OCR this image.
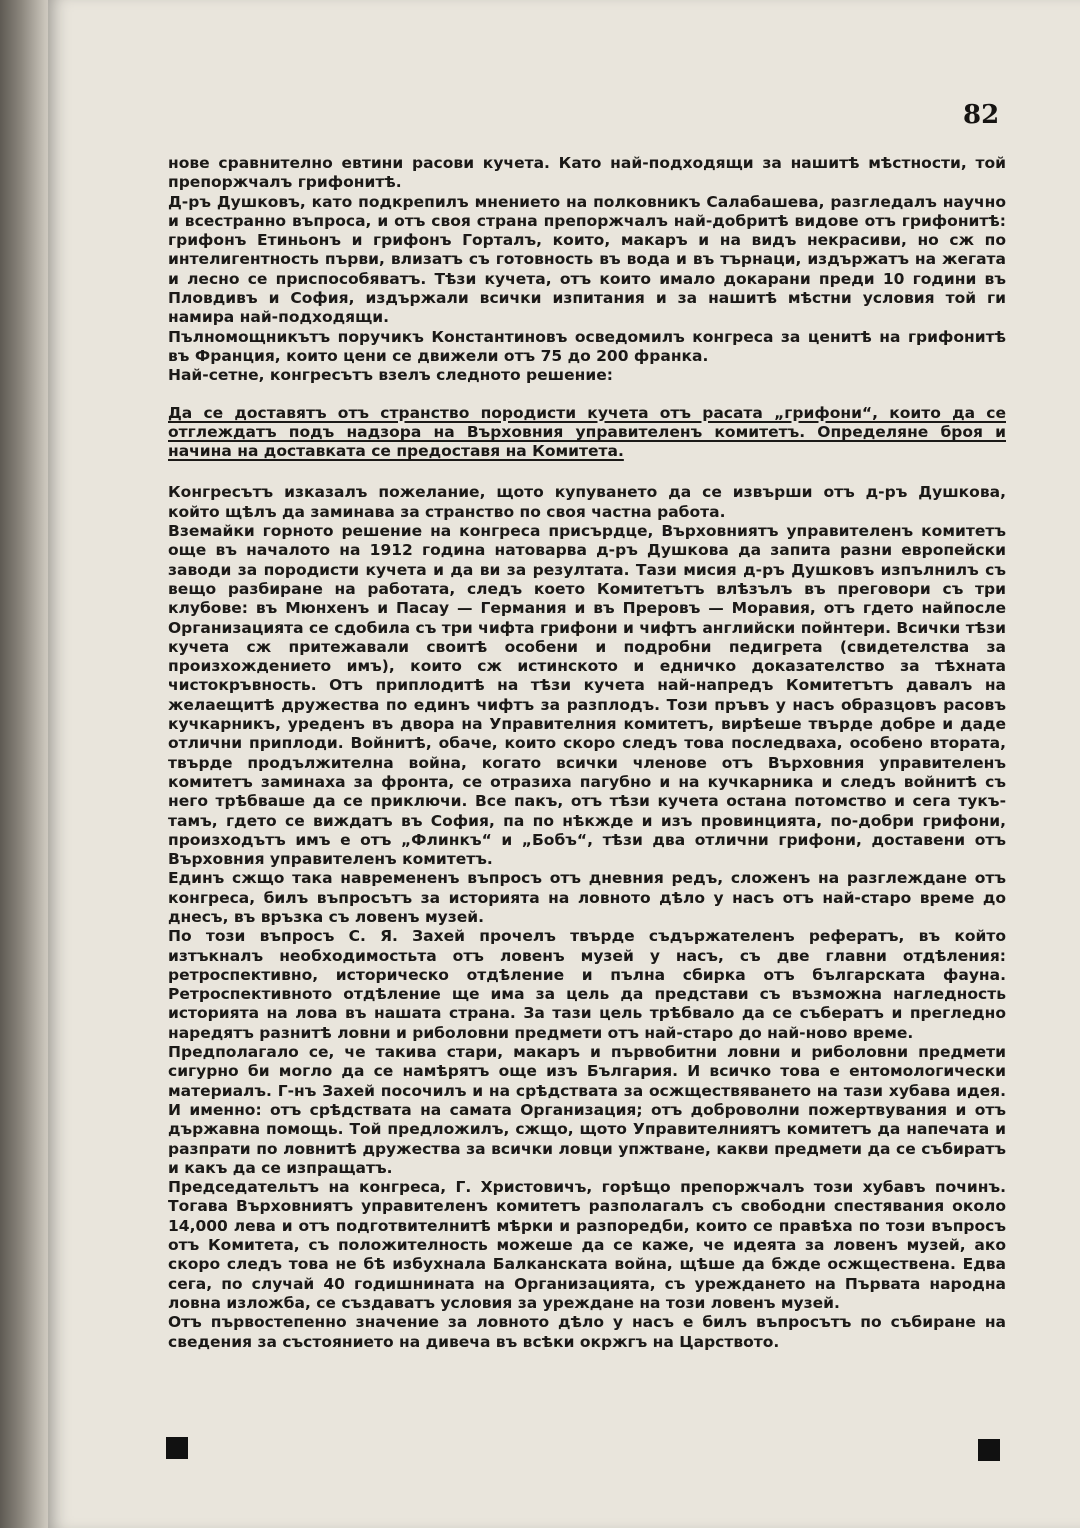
82

нове сравнително евтини расови кучета. Като най-подходящи за нашитѣ мѣстности, той препоржчалъ грифонитѣ.

Д-ръ Душковъ, като подкрепилъ мнението на полковникъ Салабашева, разгледалъ научно и всестранно въпроса, и отъ своя страна препоржчалъ най-добритѣ видове отъ грифонитѣ: грифонъ Етиньонъ и грифонъ Горталъ, които, макаръ и на видъ некрасиви, но сж по интелигентность първи, влизатъ съ готовность въ вода и въ търнаци, издържатъ на жегата и лесно се приспособяватъ. Тѣзи кучета, отъ които имало докарани преди 10 години въ Пловдивъ и София, издържали всички изпитания и за нашитѣ мѣстни условия той ги намира най-подходящи.

Пълномощникътъ поручикъ Константиновъ осведомилъ конгреса за ценитѣ на грифонитѣ въ Франция, които цени се движели отъ 75 до 200 франка.

Най-сетне, конгресътъ взелъ следното решение:

Да се доставятъ отъ странство породисти кучета отъ расата „грифони“, които да се отглеждатъ подъ надзора на Върховния управителенъ комитетъ. Определяне броя и начина на доставката се предоставя на Комитета.

Конгресътъ изказалъ пожелание, щото купуването да се извърши отъ д-ръ Душкова, който щѣлъ да заминава за странство по своя частна работа.

Вземайки горното решение на конгреса присърдце, Върховниятъ управителенъ комитетъ още въ началото на 1912 година натоварва д-ръ Душкова да запита разни европейски заводи за породисти кучета и да ви за резултата. Тази мисия д-ръ Душковъ изпълнилъ съ вещо разбиране на работата, следъ което Комитетътъ влѣзълъ въ преговори съ три клубове: въ Мюнхенъ и Пасау — Германия и въ Преровъ — Моравия, отъ гдето найпосле Организацията се сдобила съ три чифта грифони и чифтъ английски пойнтери. Всички тѣзи кучета сж притежавали своитѣ особени и подробни педигрета (свидетелства за произхождението имъ), които сж истинското и едничко доказателство за тѣхната чистокръвность. Отъ приплодитѣ на тѣзи кучета най-напредъ Комитетътъ давалъ на желаещитѣ дружества по единъ чифтъ за разплодъ. Този пръвъ у насъ образцовъ расовъ кучкарникъ, уреденъ въ двора на Управителния комитетъ, вирѣеше твърде добре и даде отлични приплоди. Войнитѣ, обаче, които скоро следъ това последваха, особено втората, твърде продължителна война, когато всички членове отъ Върховния управителенъ комитетъ заминаха за фронта, се отразиха пагубно и на кучкарника и следъ войнитѣ съ него трѣбваше да се приключи. Все пакъ, отъ тѣзи кучета остана потомство и сега тукъ-тамъ, гдето се виждатъ въ София, па по нѣкжде и изъ провинцията, по-добри грифони, произходътъ имъ е отъ „Флинкъ“ и „Бобъ“, тѣзи два отлични грифони, доставени отъ Върховния управителенъ комитетъ.

Единъ сжщо така навремененъ въпросъ отъ дневния редъ, сложенъ на разглеждане отъ конгреса, билъ въпросътъ за историята на ловното дѣло у насъ отъ най-старо време до днесъ, въ връзка съ ловенъ музей.

По този въпросъ С. Я. Захей прочелъ твърде съдържателенъ рефератъ, въ който изтъкналъ необходимостьта отъ ловенъ музей у насъ, съ две главни отдѣления: ретроспективно, историческо отдѣление и пълна сбирка отъ българската фауна. Ретроспективното отдѣление ще има за цель да представи съ възможна нагледность историята на лова въ нашата страна. За тази цель трѣбвало да се събератъ и прегледно наредятъ разнитѣ ловни и риболовни предмети отъ най-старо до най-ново време.

Предполагало се, че такива стари, макаръ и първобитни ловни и риболовни предмети сигурно би могло да се намѣрятъ още изъ България. И всичко това е ентомологически материалъ. Г-нъ Захей посочилъ и на срѣдствата за осжществяването на тази хубава идея. И именно: отъ срѣдствата на самата Организация; отъ доброволни пожертвувания и отъ държавна помощь. Той предложилъ, сжщо, щото Управителниятъ комитетъ да напечата и разпрати по ловнитѣ дружества за всички ловци упжтване, какви предмети да се събиратъ и какъ да се изпращатъ.

Председательтъ на конгреса, Г. Христовичъ, горѣщо препоржчалъ този хубавъ починъ. Тогава Върховниятъ управителенъ комитетъ разполагалъ съ свободни спестявания около 14,000 лева и отъ подготвителнитѣ мѣрки и разпоредби, които се правѣха по този въпросъ отъ Комитета, съ положителность можеше да се каже, че идеята за ловенъ музей, ако скоро следъ това не бѣ избухнала Балканската война, щѣше да бжде осжществена. Едва сега, по случай 40 годишнината на Организацията, съ уреждането на Първата народна ловна изложба, се създаватъ условия за уреждане на този ловенъ музей.

Отъ първостепенно значение за ловното дѣло у насъ е билъ въпросътъ по събиране на сведения за състоянието на дивеча въ всѣки окржгъ на Царството.
